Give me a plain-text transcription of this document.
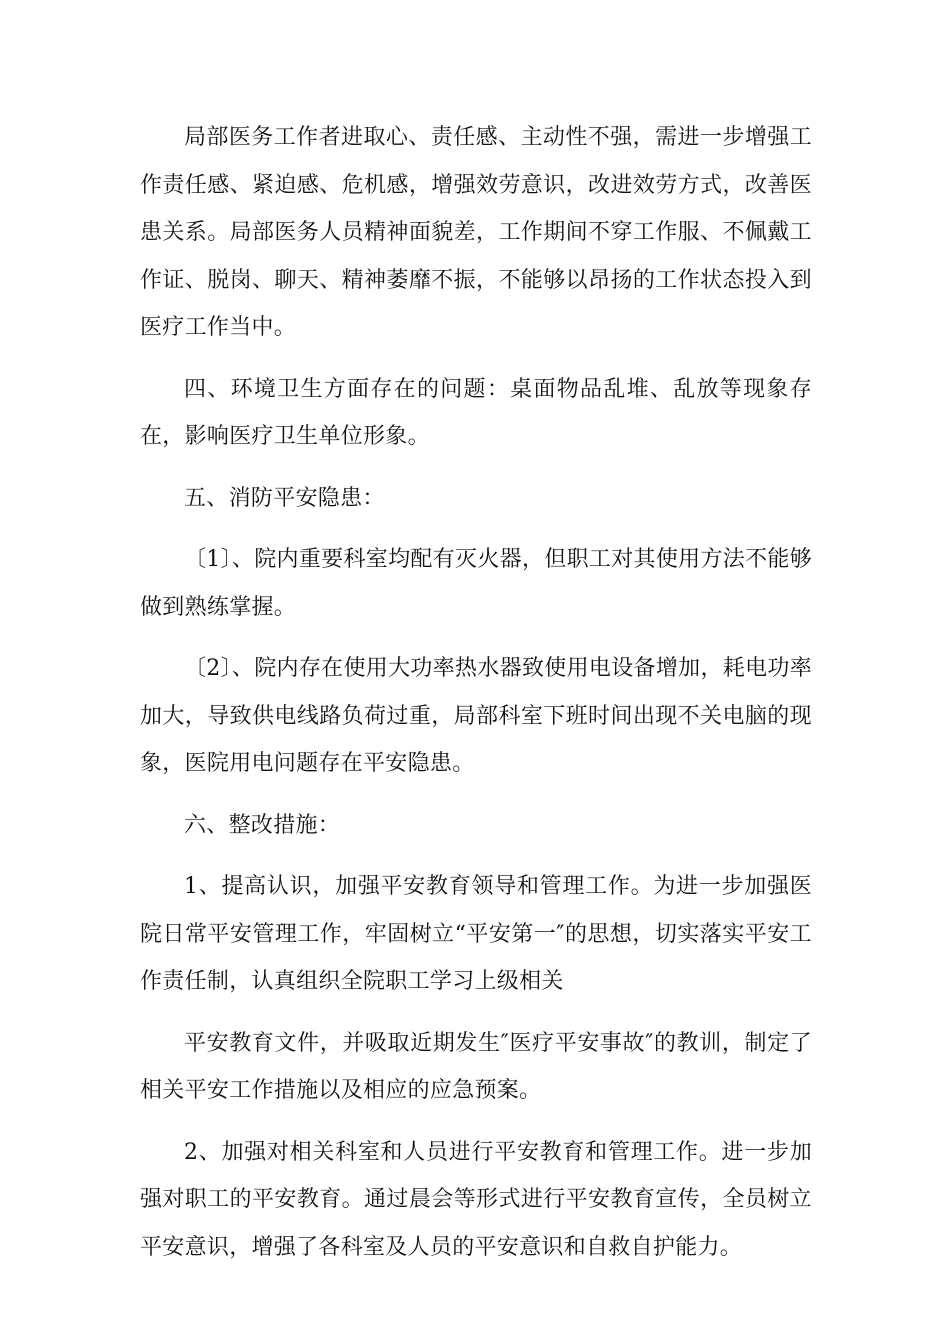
局部医务工作者进取心、责任感、主动性不强，需进一步增强工作责任感、紧迫感、危机感，增强效劳意识，改进效劳方式，改善医患关系。局部医务人员精神面貌差，工作期间不穿工作服、不佩戴工作证、脱岗、聊天、精神萎靡不振，不能够以昂扬的工作状态投入到医疗工作当中。

四、环境卫生方面存在的问题：桌面物品乱堆、乱放等现象存在，影响医疗卫生单位形象。

五、消防平安隐患：

〔1〕、院内重要科室均配有灭火器，但职工对其使用方法不能够做到熟练掌握。

〔2〕、院内存在使用大功率热水器致使用电设备增加，耗电功率加大，导致供电线路负荷过重，局部科室下班时间出现不关电脑的现象，医院用电问题存在平安隐患。

六、整改措施：

1、提高认识，加强平安教育领导和管理工作。为进一步加强医院日常平安管理工作，牢固树立“平安第一″的思想，切实落实平安工作责任制，认真组织全院职工学习上级相关

平安教育文件，并吸取近期发生″医疗平安事故″的教训，制定了相关平安工作措施以及相应的应急预案。

2、加强对相关科室和人员进行平安教育和管理工作。进一步加强对职工的平安教育。通过晨会等形式进行平安教育宣传，全员树立平安意识，增强了各科室及人员的平安意识和自救自护能力。
